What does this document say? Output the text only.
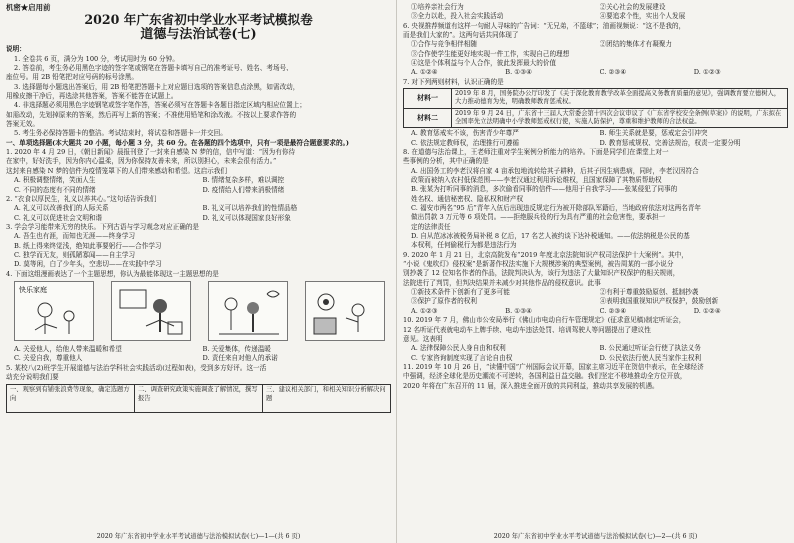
机密★启用前

2020 年广东省初中学业水平考试模拟卷

道德与法治试卷(七)

说明：

1. 全卷共 6 页，满分为 100 分，考试用时为 60 分钟。

2. 答卷前，考生务必用黑色字迹的签字笔或钢笔在答题卡填写自己的准考证号、姓名、考场号、

座位号。用 2B 铅笔把对应号码的标号涂黑。

3. 选择题每小题选出答案后，用 2B 铅笔把答题卡上对应题目选项的答案信息点涂黑，如需改动，

用橡皮擦干净后，再选涂其他答案，答案不能答在试题上。

4. 非选择题必须用黑色字迹钢笔或签字笔作答，答案必须写在答题卡各题目指定区域内相应位置上；

如需改动，先划掉原来的答案，然后再写上新的答案；不准使用铅笔和涂改液。不按以上要求作答的

答案无效。

5. 考生务必保持答题卡的整洁。考试结束时，将试卷和答题卡一并交回。

一、单项选择题(本大题共 20 小题，每小题 3 分，共 60 分。在各题的四个选项中，只有一项是最符合题意要求的。)

1. 2020 年 4 月 29 日，《朝日新闻》晨报刊登了一封来自感染 N 梦的信，信中写道：“因为有你待

在家中，好好洗手，因为你内心温柔，因为你保持友善未来，所以别担心，未来会很有活力。”

这封来自感染 N 梦的信件为疫情笼罩下的人们带来感动和希望。这启示我们

A. 积极调整情绪，笑面人生	B. 情绪复杂多样，难以调控
C. 不同的态度有不同的情绪	D. 疫情给人们带来消极情绪

2. “衣食以厚民生，礼义以养其心。”这句话告诉我们

A. 礼义可以改善我们的人际关系	B. 礼义可以培养我们的性情品格
C. 礼义可以促进社会文明和谐	D. 礼义可以体现国家良好形象

3. 学会学习能带来无穷的快乐。下列古语与学习观念对应正确的是

A. 吾生也有涯，而知也无涯——终身学习

B. 纸上得来终觉浅，绝知此事要躬行——合作学习

C. 独学而无友，则孤陋寡闻——自主学习

D. 莫等闲，白了少年头，空悲切——在实践中学习

4. 下面这组漫画表达了一个主题思想，你认为最能体现这一主题思想的是

快乐家庭
A. 关爱他人，给他人带来温暖和希望	B. 关爱集体，传递温暖
C. 关爱自我，尊重他人	D. 责任来自对他人的承诺

5. 某校八(2)班学生开展道德与法治学科社会实践活动(过程如表)，受到多方好评。这一活

动充分说明我们要

一、观察到有铺张浪费等现象，确定选题方向
二、调查研究政策实施调查了解情况，撰写报告
三、建议相关部门，和相关知识分析解决问题

2020 年广东省初中学业水平考试道德与法治模拟试卷(七)—1—(共 6 页)

①培养亲社会行为	②关心社会的发展建设
③全力以赴，投入社会实践活动	④要追求个性，实出个人发展

6. 央视推荐频道有这样一句耐人寻味的广告词：“无兄弟，不篮球”；油画视频说：“这不是我的，

而是我们大家的”。这两句话共同体现了

①合作与竞争相伴相随	②团结的集体才有凝聚力

③合作使学生能更好地实现一件工作，实现自己的理想

④这是个体利益与个人合作，彼此发挥最大的价值

A. ①②④	B. ①③④	C. ②③④	D. ①②③

7. 对下列两则材料，认识正确的是

材料一	2019 年 8 月，国务院办公厅印发了《关于深化教育教学改革全面提高义务教育质量的意见》，强调教育要立德树人，大力推动德育为先，明确教师教育惩戒权。
材料二	2019 年 9 月 24 日，广东省十三届人大常委会第十四次会议审议了《广东省学校安全条例(草案)》的说明，广东拟在全国率先立法明确中小学教师惩戒权行使，实施人防保护，尊重和维护教师的合法权益。
A. 教育惩戒实不该，伤害青少年尊严	B. 师生关系就是要，惩戒定会引冲突
C. 依法规定教师权，治理推行可遵循	D. 教育惩戒规权、完善法规治，权责一定要分明

8. 在道德与法治课上，王老师注重对学生案例分析能力的培养。下面是同学们在课堂上对一

些事例的分析，其中正确的是

A. 出国务工的李老汉将自家 4 亩承包地流转给其子耕种，后其子因生病患病，同时，李老汉因符合

政策而被纳入农村低保范围——李老汉通过利用诉讼维权，且国家保障了其物质帮助权

B. 张某为打听同事的消息，多次偷看同事的信件——他用于自我学习——张某侵犯了同事的

姓名权、通信秘密权、隐私权和财产权

C. 福安市两名“95 后”青年入伍后出现违反规定行为被开除部队军籍后，当地政府依法对这两名青年

做出罚款 3 万元等 6 项处罚。——拒绝服兵役的行为具有严重的社会危害性，要承担一

定的法律责任

D. 自从范冰冰被税务局补税 8 亿后，17 名艺人被约谈下达补税通知。——依法纳税是公民的基

本权利，任何偷税行为都是违法行为

9. 2020 年 1 月 21 日，北京高院发布“2019 年度北京法院知识产权司法保护十大案例”。其中，

“小说《鬼吹灯》侵权案”是新著作权法实施下大规模涉案的典型案例，被告周某的一部小说分

别抄袭了 12 位知名作者的作品，法院判决认为，该行为违法了大量知识产权保护的相关规则，

法院进行了判罚，但判决结果并未减少对其他作品的侵权意识。此事

①新技术条件下创新有了更多可能	②有利于尊重鼓励原创、抵制抄袭
③保护了原作者的权利	④表明我国重视知识产权保护，鼓励创新
A. ①②③	B. ①③④	C. ②③④	D. ①②④

10. 2019 年 7 月，佛山市公安局举行《佛山市电动自行车管理规定》(征求意见稿)制定听证会，

12 名听证代表就电动车上牌手续、电动车违法处罚、培训驾驶人等问题提出了建议性

意见。这表明

A. 法律保障公民人身自由和权利	B. 公民通过听证会行使了执法义务
C. 专家咨询制度实现了言论自由权	D. 公民依法行使人民当家作主权利

11. 2019 年 10 月 26 日，“读懂中国”广州国际会议开幕，国家主席习近平在贺信中表示，在全球经济

中强调，经济全球化是历史潮流不可逆转，各国利益日益交融。我们坚定不移地推动全方位开放，

2020 年将在广东召开的 11 届，深入推进全面开放的共同利益，推动共享发展的机遇。

2020 年广东省初中学业水平考试道德与法治模拟试卷(七)—2—(共 6 页)
